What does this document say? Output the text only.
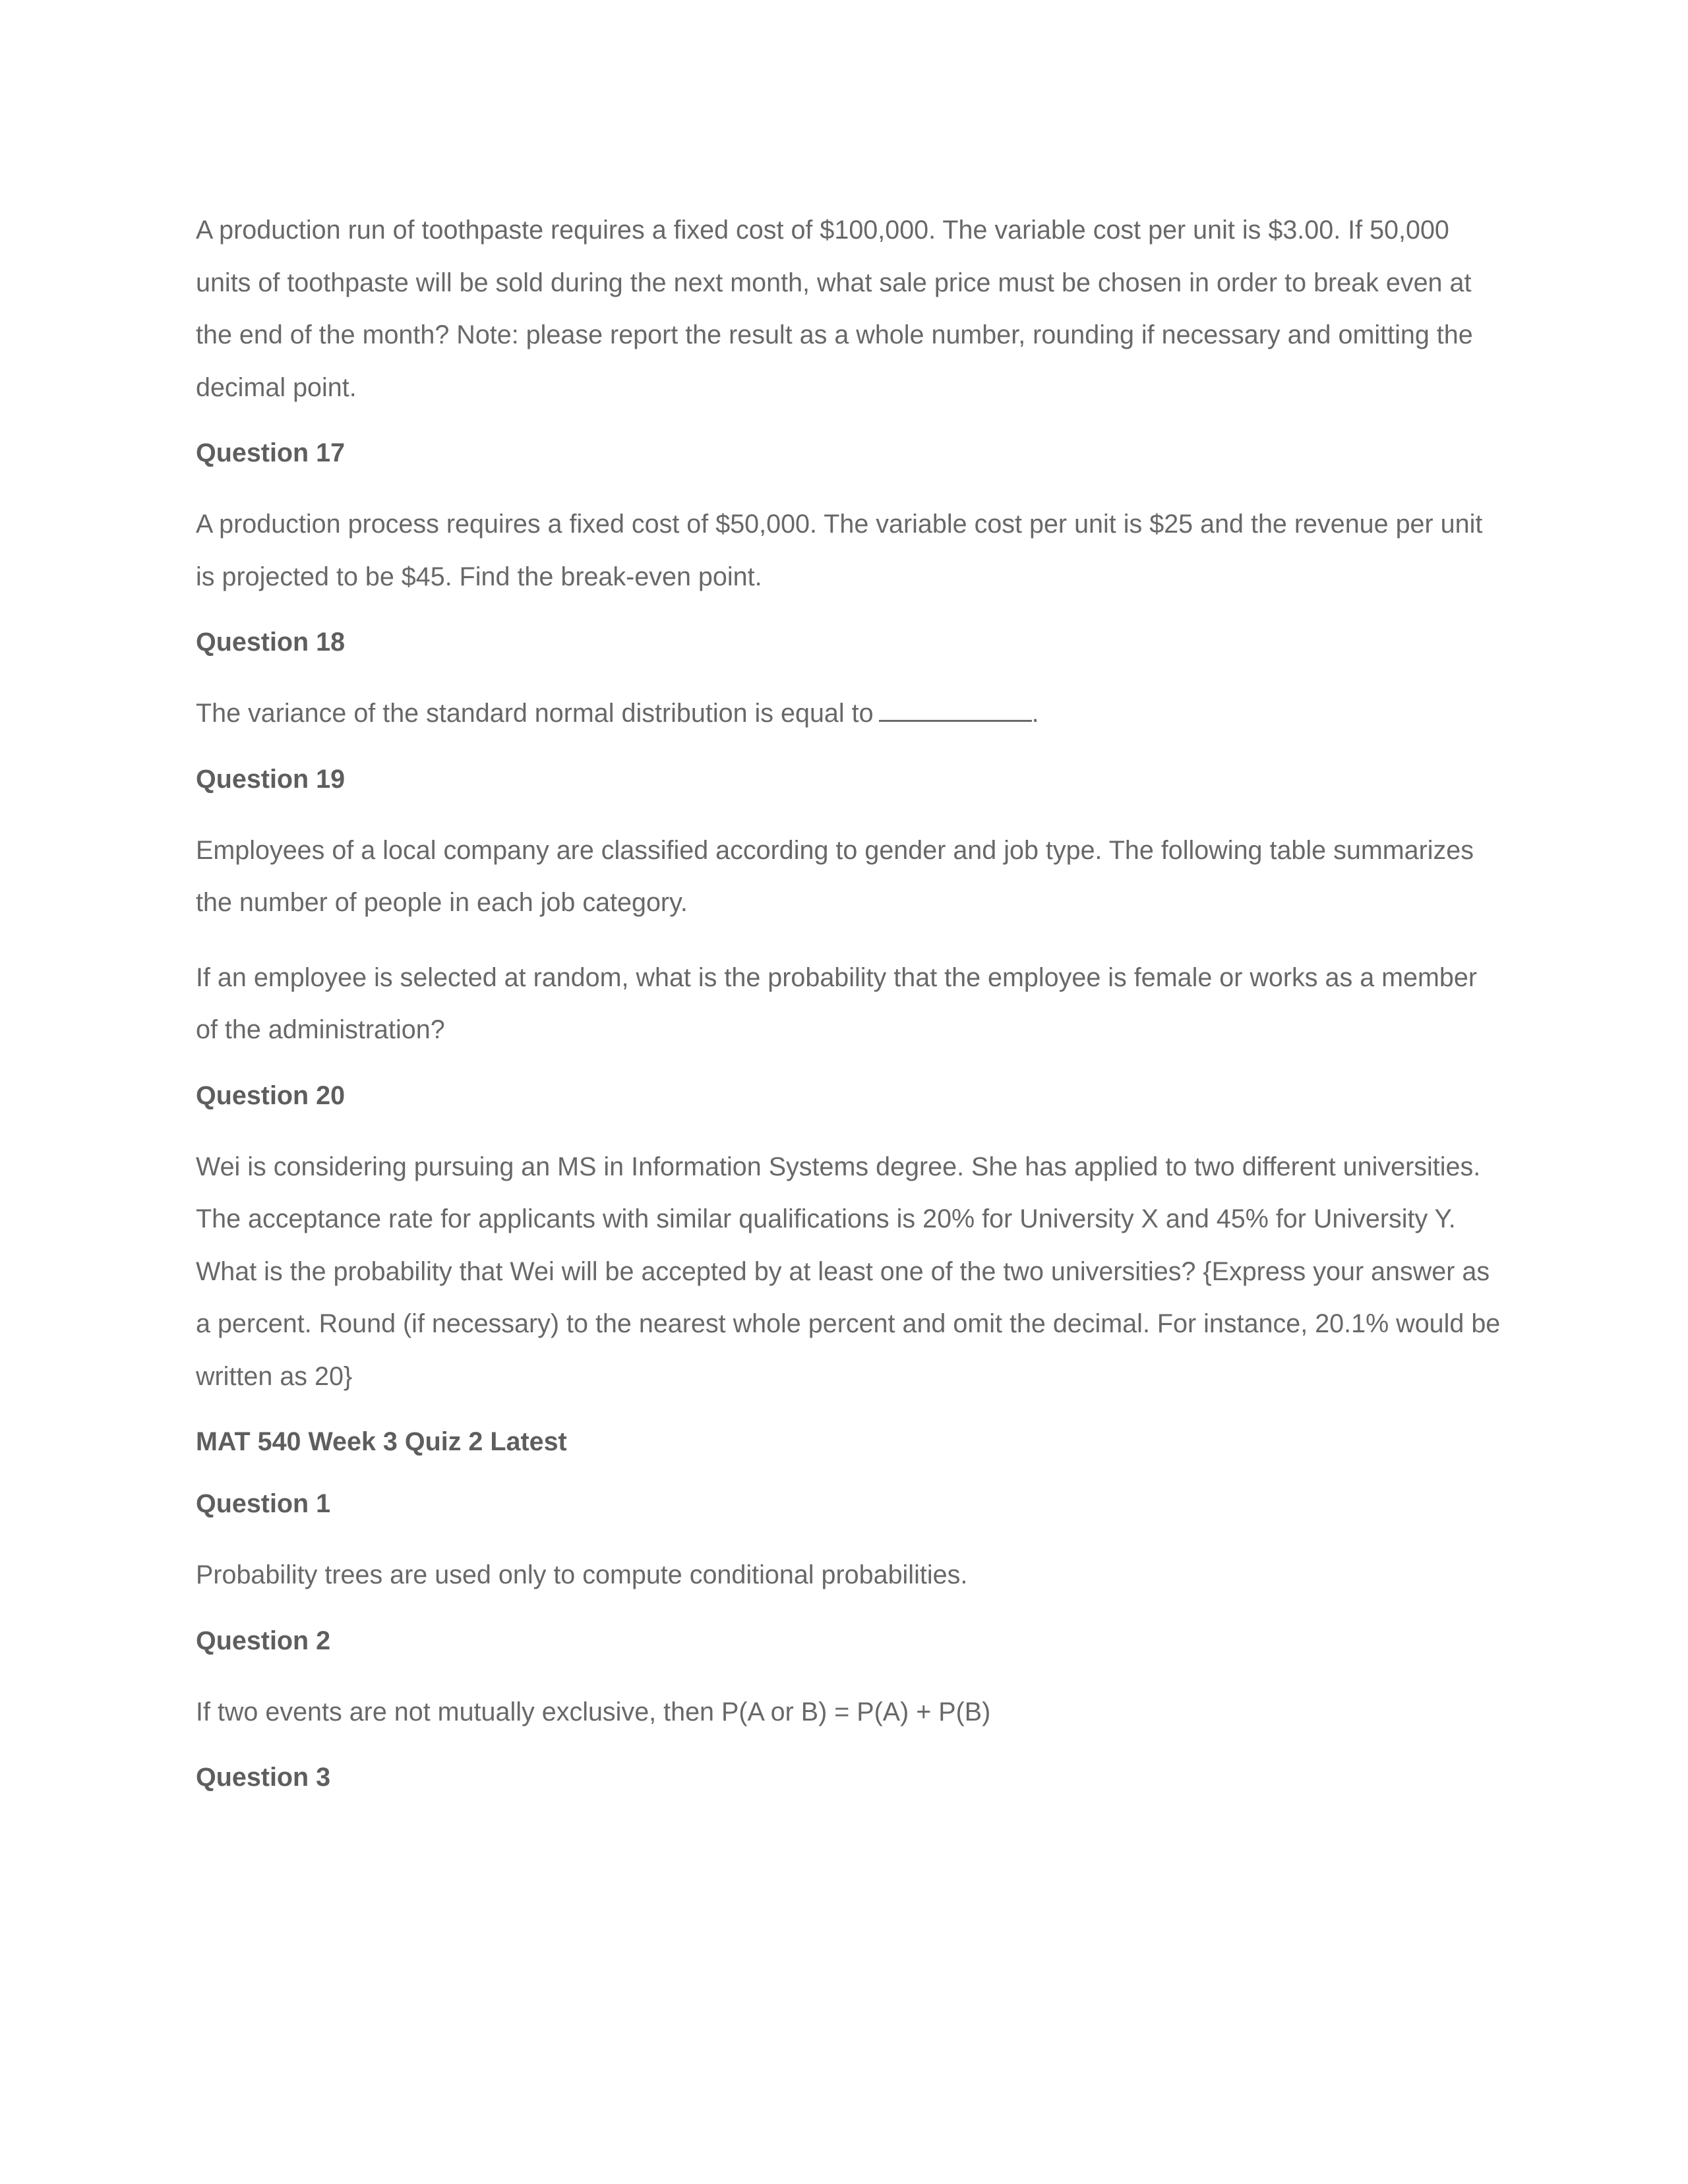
A production run of toothpaste requires a fixed cost of $100,000. The variable cost per unit is $3.00. If 50,000 units of toothpaste will be sold during the next month, what sale price must be chosen in order to break even at the end of the month? Note: please report the result as a whole number, rounding if necessary and omitting the decimal point.

Question 17

A production process requires a fixed cost of $50,000. The variable cost per unit is $25 and the revenue per unit is projected to be $45. Find the break-even point.

Question 18

The variance of the standard normal distribution is equal to	.

Question 19

Employees of a local company are classified according to gender and job type. The following table summarizes the number of people in each job category.

If an employee is selected at random, what is the probability that the employee is female or works as a member of the administration?

Question 20

Wei is considering pursuing an MS in Information Systems degree. She has applied to two different universities. The acceptance rate for applicants with similar qualifications is 20% for University X and 45% for University Y. What is the probability that Wei will be accepted by at least one of the two universities? {Express your answer as a percent. Round (if necessary) to the nearest whole percent and omit the decimal. For instance, 20.1% would be written as 20}

MAT 540 Week 3 Quiz 2 Latest

Question 1

Probability trees are used only to compute conditional probabilities.

Question 2

If two events are not mutually exclusive, then P(A or B) = P(A) + P(B)

Question 3
